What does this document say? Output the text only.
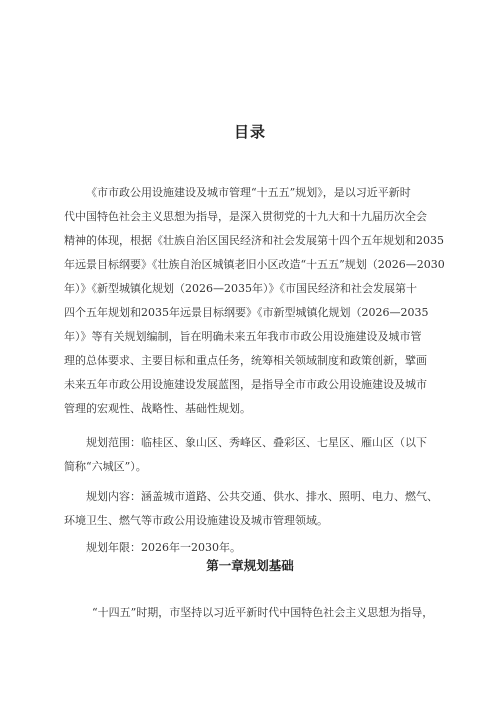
目录
《市市政公用设施建设及城市管理“十五五”规划》，是以习近平新时
代中国特色社会主义思想为指导，是深入贯彻党的十九大和十九届历次全会
精神的体现，根据《壮族自治区国民经济和社会发展第十四个五年规划和2035
年远景目标纲要》《壮族自治区城镇老旧小区改造“十五五”规划（2026—2030
年）》《新型城镇化规划（2026—2035年）》《市国民经济和社会发展第十
四个五年规划和2035年远景目标纲要》《市新型城镇化规划（2026—2035
年）》等有关规划编制，旨在明确未来五年我市市政公用设施建设及城市管
理的总体要求、主要目标和重点任务，统筹相关领域制度和政策创新，擘画
未来五年市政公用设施建设发展蓝图，是指导全市市政公用设施建设及城市
管理的宏观性、战略性、基础性规划。
规划范围：临桂区、象山区、秀峰区、叠彩区、七星区、雁山区（以下
简称“六城区”）。
规划内容：涵盖城市道路、公共交通、供水、排水、照明、电力、燃气、
环境卫生、燃气等市政公用设施建设及城市管理领域。
规划年限：2026年一2030年。
第一章规划基础
“十四五”时期，市坚持以习近平新时代中国特色社会主义思想为指导，
